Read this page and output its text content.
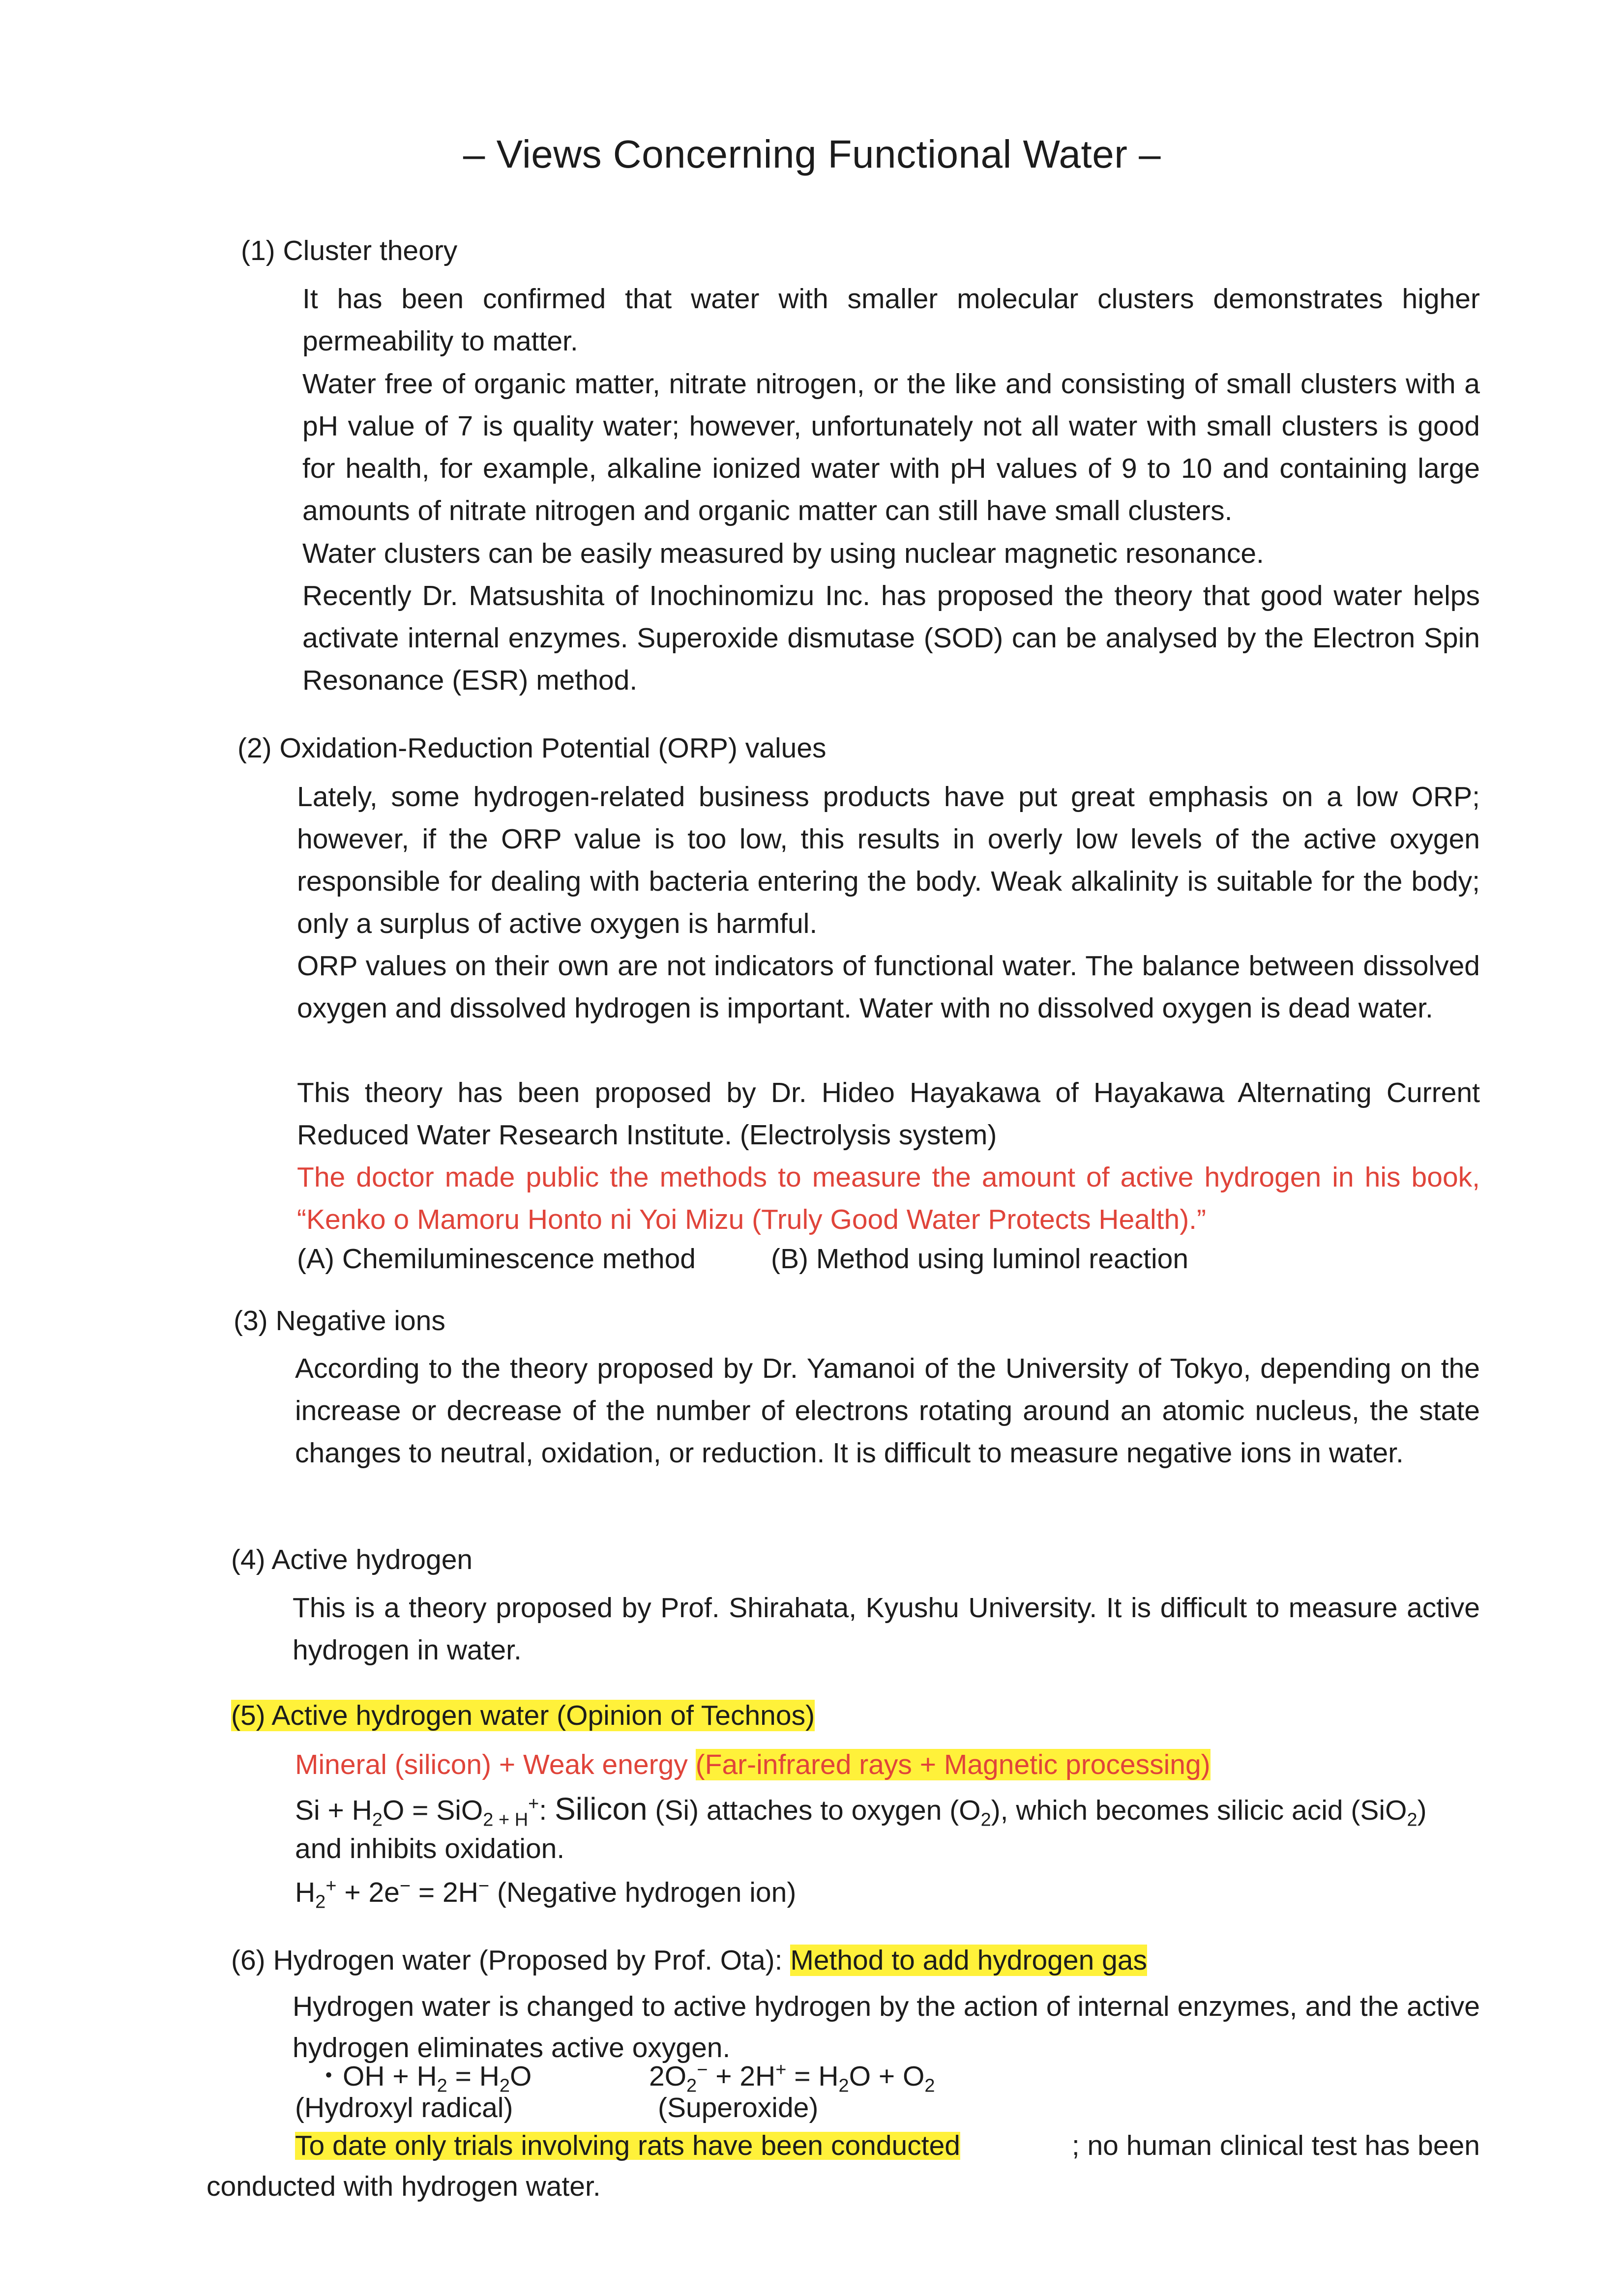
– Views Concerning Functional Water –
(1) Cluster theory
It has been confirmed that water with smaller molecular clusters demonstrates higher permeability to matter.
Water free of organic matter, nitrate nitrogen, or the like and consisting of small clusters with a pH value of 7 is quality water; however, unfortunately not all water with small clusters is good for health, for example, alkaline ionized water with pH values of 9 to 10 and containing large amounts of nitrate nitrogen and organic matter can still have small clusters.
Water clusters can be easily measured by using nuclear magnetic resonance.
Recently Dr. Matsushita of Inochinomizu Inc. has proposed the theory that good water helps activate internal enzymes. Superoxide dismutase (SOD) can be analysed by the Electron Spin Resonance (ESR) method.
(2) Oxidation-Reduction Potential (ORP) values
Lately, some hydrogen-related business products have put great emphasis on a low ORP; however, if the ORP value is too low, this results in overly low levels of the active oxygen responsible for dealing with bacteria entering the body. Weak alkalinity is suitable for the body; only a surplus of active oxygen is harmful.
ORP values on their own are not indicators of functional water. The balance between dissolved oxygen and dissolved hydrogen is important. Water with no dissolved oxygen is dead water.
This theory has been proposed by Dr. Hideo Hayakawa of Hayakawa Alternating Current Reduced Water Research Institute. (Electrolysis system)
The doctor made public the methods to measure the amount of active hydrogen in his book, “Kenko o Mamoru Honto ni Yoi Mizu (Truly Good Water Protects Health).”
(A) Chemiluminescence method	(B) Method using luminol reaction
(3) Negative ions
According to the theory proposed by Dr. Yamanoi of the University of Tokyo, depending on the increase or decrease of the number of electrons rotating around an atomic nucleus, the state changes to neutral, oxidation, or reduction. It is difficult to measure negative ions in water.
(4) Active hydrogen
This is a theory proposed by Prof. Shirahata, Kyushu University. It is difficult to measure active hydrogen in water.
(5) Active hydrogen water (Opinion of Technos)
Mineral (silicon) + Weak energy (Far-infrared rays + Magnetic processing)
$Si + H_2O = SiO_2$ $_{+ H}$+: Silicon (Si) attaches to oxygen $(O_2)$, which becomes silicic acid (SiO$_2$)
and inhibits oxidation.
$H_2^+ + 2e^- = 2H^-$ (Negative hydrogen ion)
(6) Hydrogen water (Proposed by Prof. Ota): Method to add hydrogen gas
Hydrogen water is changed to active hydrogen by the action of internal enzymes, and the active hydrogen eliminates active oxygen.
・OH + $H_2 = H_2O$	$2O_2^- + 2H^+ = H_2O + O_2$
(Hydroxyl radical)	(Superoxide)
To date only trials involving rats have been conducted	; no human clinical test has been
conducted with hydrogen water.
